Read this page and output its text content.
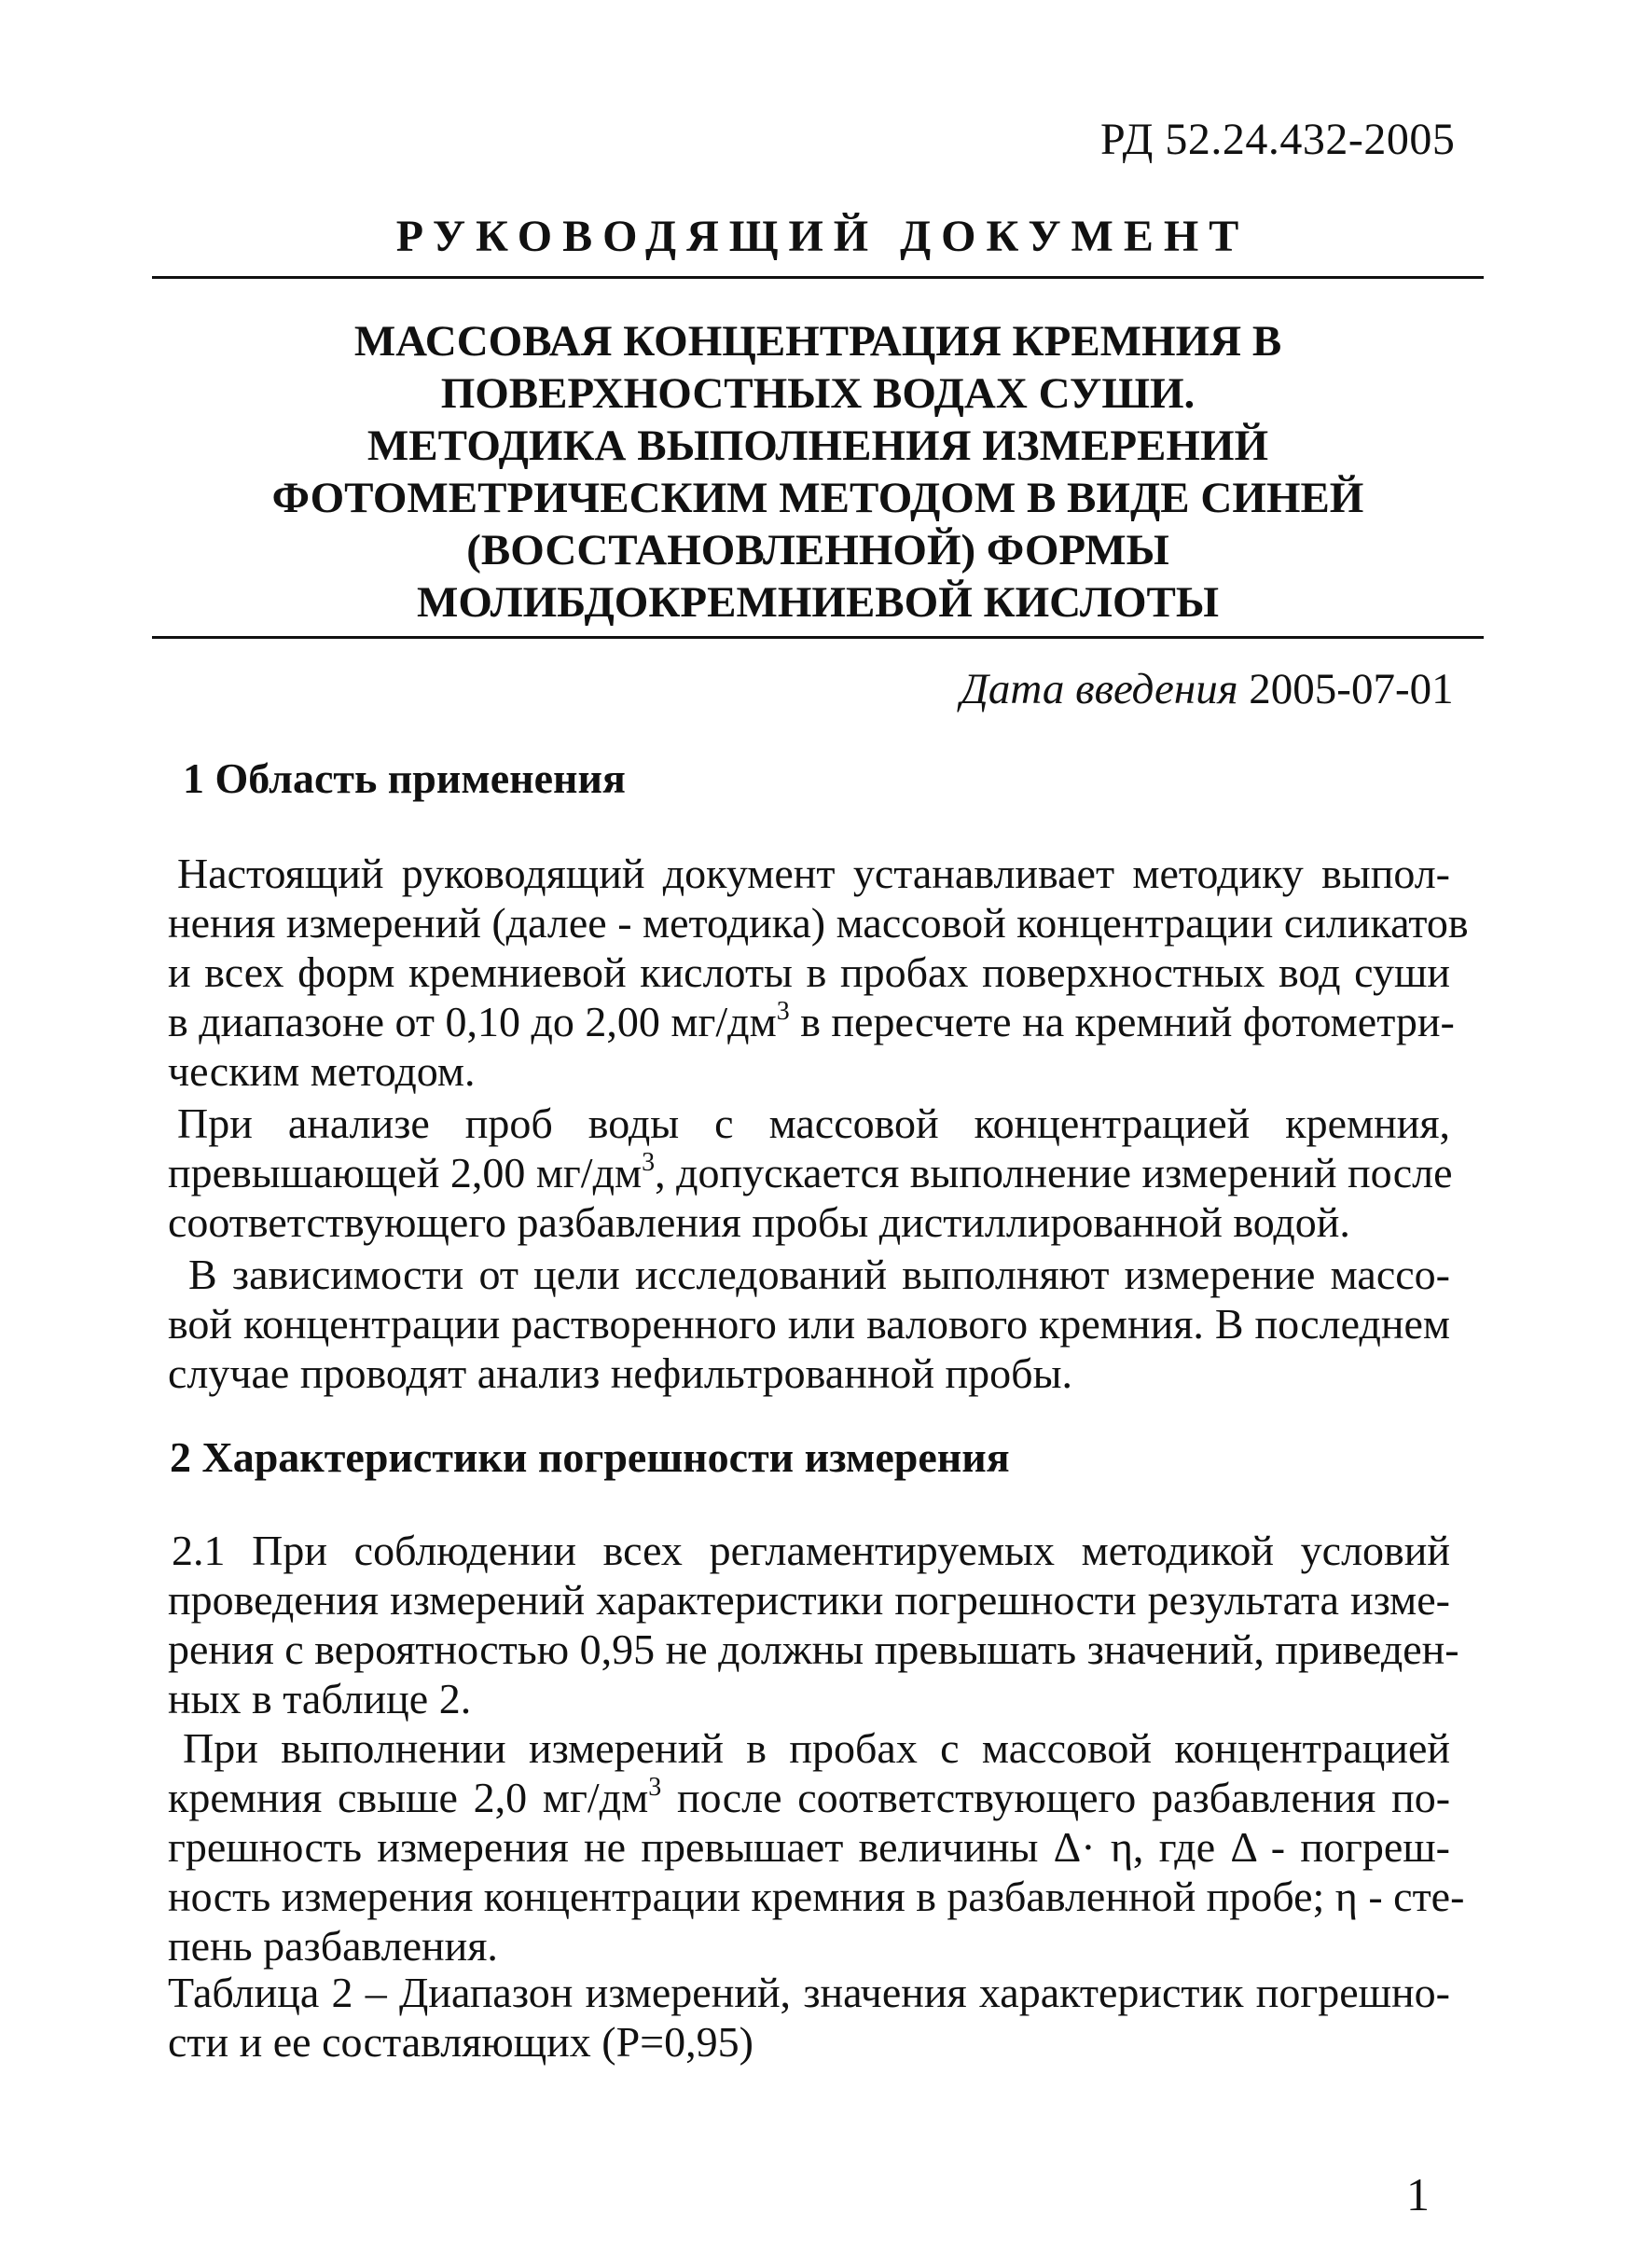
РД 52.24.432-2005
РУКОВОДЯЩИЙ ДОКУМЕНТ
МАССОВАЯ КОНЦЕНТРАЦИЯ КРЕМНИЯ В
ПОВЕРХНОСТНЫХ ВОДАХ СУШИ.
МЕТОДИКА ВЫПОЛНЕНИЯ ИЗМЕРЕНИЙ
ФОТОМЕТРИЧЕСКИМ МЕТОДОМ В ВИДЕ СИНЕЙ
(ВОССТАНОВЛЕННОЙ) ФОРМЫ
МОЛИБДОКРЕМНИЕВОЙ КИСЛОТЫ
Дата введения 2005-07-01
1 Область применения
Настоящий руководящий документ устанавливает методику выпол-
нения измерений (далее - методика) массовой концентрации силикатов
и всех форм кремниевой кислоты в пробах поверхностных вод суши
в диапазоне от 0,10 до 2,00 $мг/дм^3$ в пересчете на кремний фотометри-
ческим методом.
При анализе проб воды с массовой концентрацией кремния,
превышающей 2,00 $мг/дм^3$, допускается выполнение измерений после
соответствующего разбавления пробы дистиллированной водой.
В зависимости от цели исследований выполняют измерение массо-
вой концентрации растворенного или валового кремния. В последнем
случае проводят анализ нефильтрованной пробы.
2 Характеристики погрешности измерения
2.1 При соблюдении всех регламентируемых методикой условий
проведения измерений характеристики погрешности результата изме-
рения с вероятностью 0,95 не должны превышать значений, приведен-
ных в таблице 2.
При выполнении измерений в пробах с массовой концентрацией
кремния свыше 2,0 $мг/дм^3$ после соответствующего разбавления по-
грешность измерения не превышает величины Δ· η, где Δ - погреш-
ность измерения концентрации кремния в разбавленной пробе; η - сте-
пень разбавления.
Таблица 2 – Диапазон измерений, значения характеристик погрешно-
сти и ее составляющих (Р=0,95)
1
